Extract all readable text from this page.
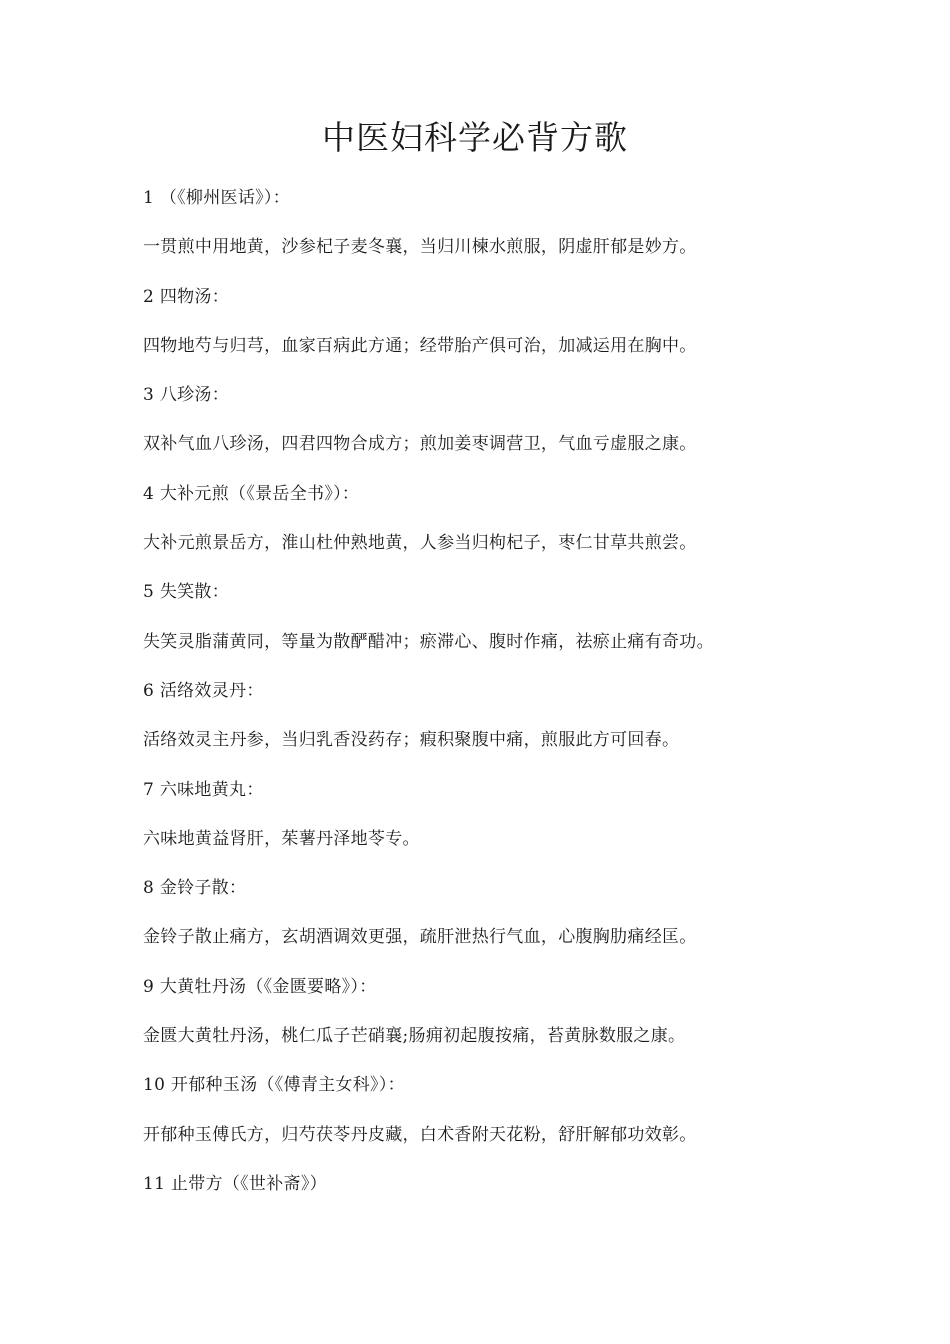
中医妇科学必背方歌
1 （《柳州医话》）：
一贯煎中用地黄，沙参杞子麦冬襄，当归川楝水煎服，阴虚肝郁是妙方。
2 四物汤：
四物地芍与归芎，血家百病此方通；经带胎产俱可治，加减运用在胸中。
3 八珍汤：
双补气血八珍汤，四君四物合成方；煎加姜枣调营卫，气血亏虚服之康。
4 大补元煎（《景岳全书》）：
大补元煎景岳方，淮山杜仲熟地黄，人参当归枸杞子，枣仁甘草共煎尝。
5 失笑散：
失笑灵脂蒲黄同，等量为散酽醋冲；瘀滞心、腹时作痛，祛瘀止痛有奇功。
6 活络效灵丹：
活络效灵主丹参，当归乳香没药存；瘕积聚腹中痛，煎服此方可回春。
7 六味地黄丸：
六味地黄益肾肝，茱薯丹泽地苓专。
8 金铃子散：
金铃子散止痛方，玄胡酒调效更强，疏肝泄热行气血，心腹胸肋痛经匡。
9 大黄牡丹汤（《金匮要略》）：
金匮大黄牡丹汤，桃仁瓜子芒硝襄;肠痈初起腹按痛，苔黄脉数服之康。
10 开郁种玉汤（《傅青主女科》）：
开郁种玉傅氏方，归芍茯苓丹皮藏，白术香附天花粉，舒肝解郁功效彰。
11 止带方（《世补斋》）
